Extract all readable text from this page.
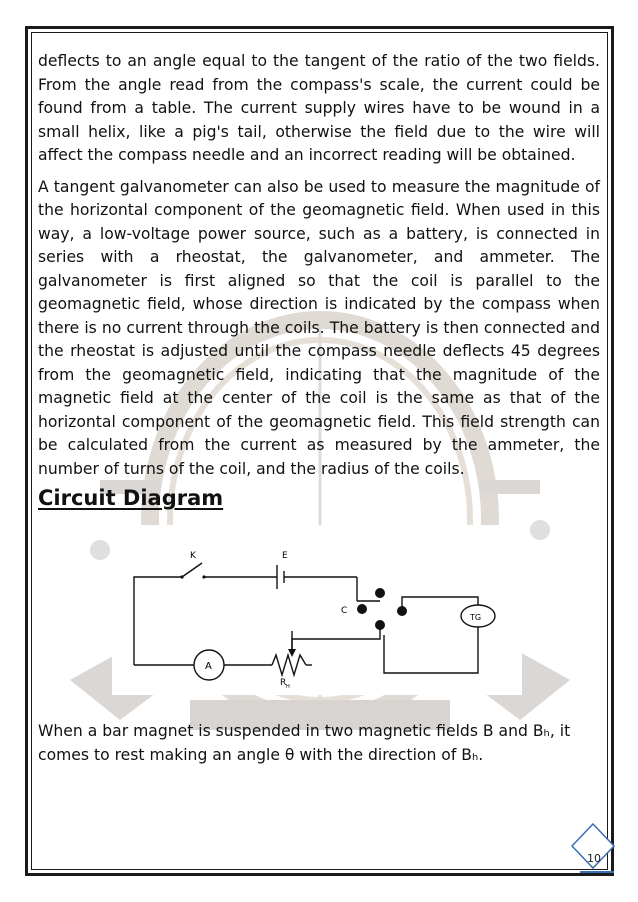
deflects to an angle equal to the tangent of the ratio of the two fields. From the angle read from the compass's scale, the current could be found from a table. The current supply wires have to be wound in a small helix, like a pig's tail, otherwise the field due to the wire will affect the compass needle and an incorrect reading will be obtained.

A tangent galvanometer can also be used to measure the magnitude of the horizontal component of the geomagnetic field. When used in this way, a low-voltage power source, such as a battery, is connected in series with a rheostat, the galvanometer, and ammeter. The galvanometer is first aligned so that the coil is parallel to the geomagnetic field, whose direction is indicated by the compass when there is no current through the coils. The battery is then connected and the rheostat is adjusted until the compass needle deflects 45 degrees from the geomagnetic field, indicating that the magnitude of the magnetic field at the center of the coil is the same as that of the horizontal component of the geomagnetic field. This field strength can be calculated from the current as measured by the ammeter, the number of turns of the coil, and the radius of the coils.

Circuit Diagram
K	E
C
TG
A
R H

When a bar magnet is suspended in two magnetic fields B and Bₕ, it comes to rest making an angle θ with the direction of Bₕ.

10
